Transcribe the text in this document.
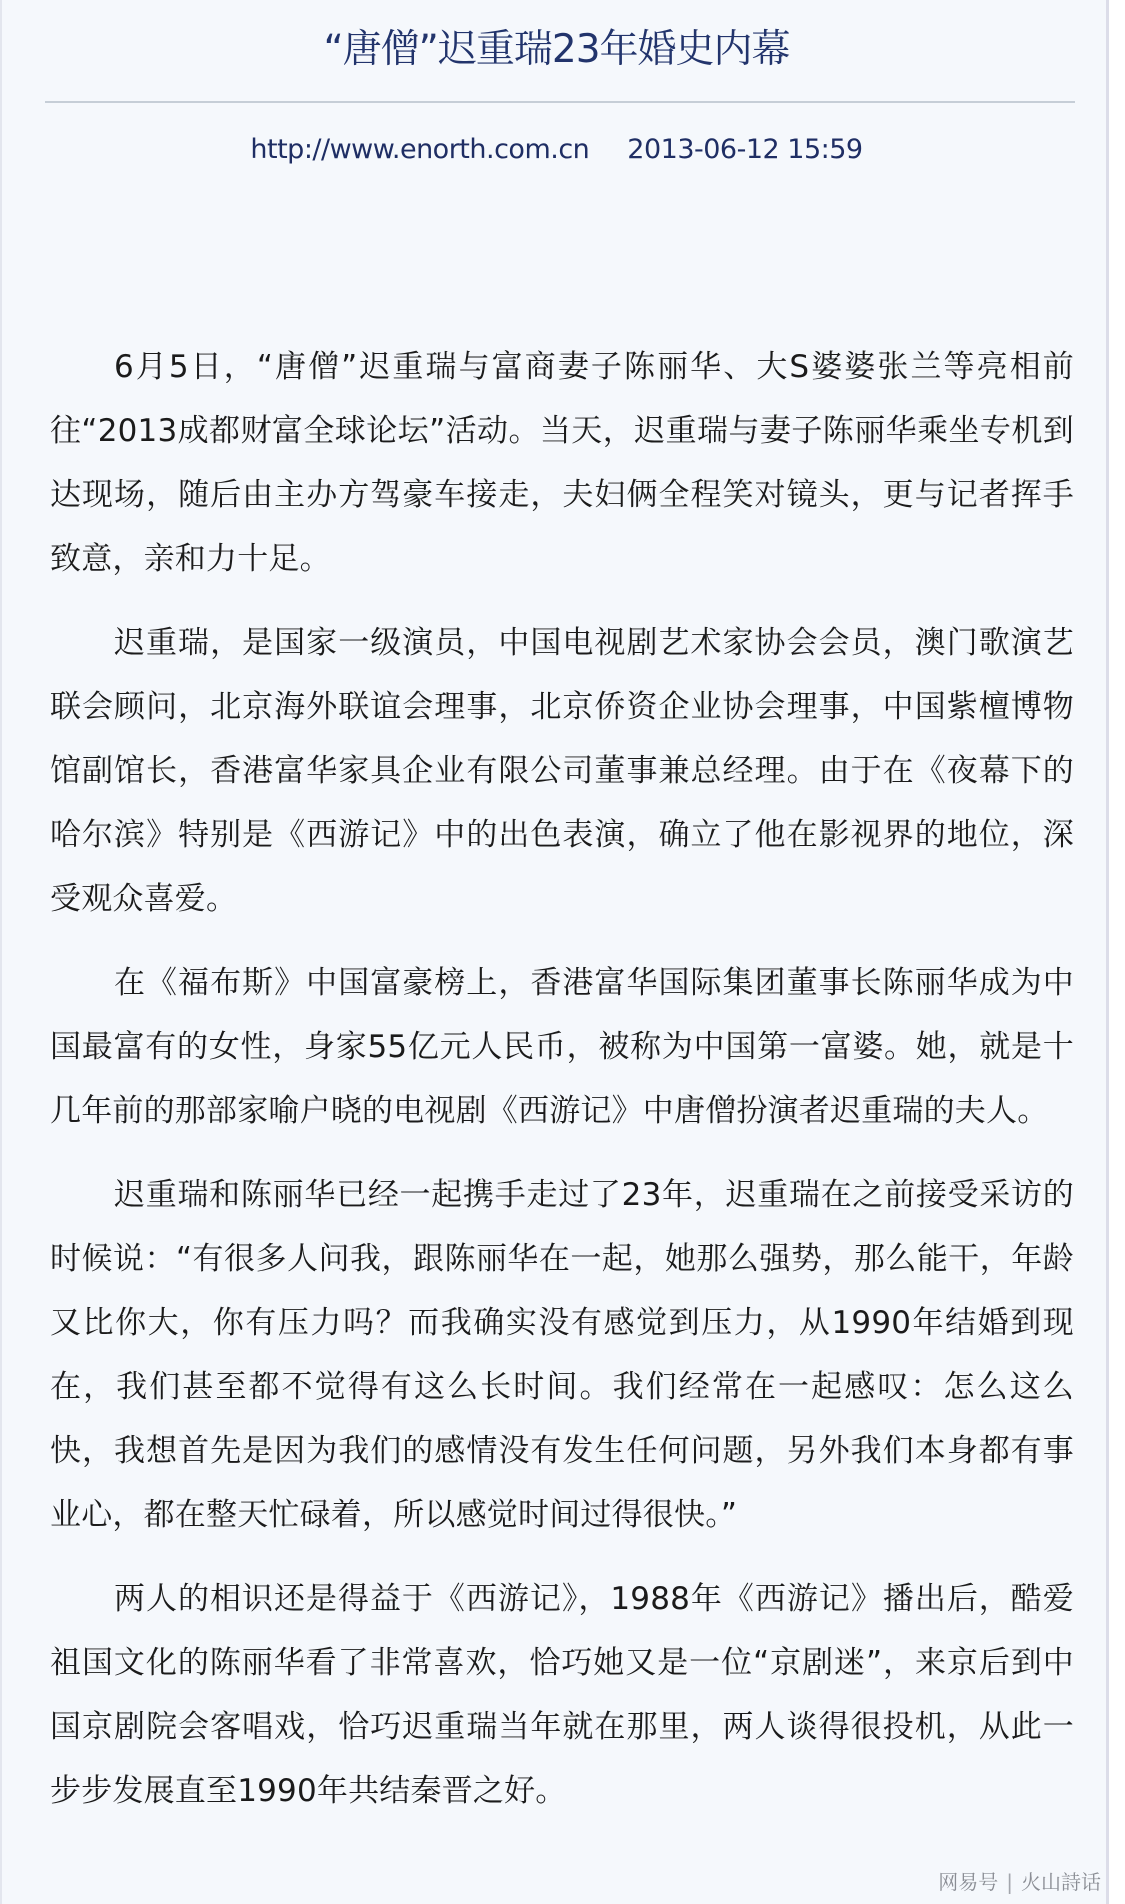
“唐僧”迟重瑞23年婚史内幕
http://www.enorth.com.cn 2013-06-12 15:59

6月5日，“唐僧”迟重瑞与富商妻子陈丽华、大S婆婆张兰等亮相前往“2013成都财富全球论坛”活动。当天，迟重瑞与妻子陈丽华乘坐专机到达现场，随后由主办方驾豪车接走，夫妇俩全程笑对镜头，更与记者挥手致意，亲和力十足。

迟重瑞，是国家一级演员，中国电视剧艺术家协会会员，澳门歌演艺联会顾问，北京海外联谊会理事，北京侨资企业协会理事，中国紫檀博物馆副馆长，香港富华家具企业有限公司董事兼总经理。由于在《夜幕下的哈尔滨》特别是《西游记》中的出色表演，确立了他在影视界的地位，深受观众喜爱。

在《福布斯》中国富豪榜上，香港富华国际集团董事长陈丽华成为中国最富有的女性，身家55亿元人民币，被称为中国第一富婆。她，就是十几年前的那部家喻户晓的电视剧《西游记》中唐僧扮演者迟重瑞的夫人。

迟重瑞和陈丽华已经一起携手走过了23年，迟重瑞在之前接受采访的时候说：“有很多人问我，跟陈丽华在一起，她那么强势，那么能干，年龄又比你大，你有压力吗？而我确实没有感觉到压力，从1990年结婚到现在，我们甚至都不觉得有这么长时间。我们经常在一起感叹：怎么这么快，我想首先是因为我们的感情没有发生任何问题，另外我们本身都有事业心，都在整天忙碌着，所以感觉时间过得很快。”

两人的相识还是得益于《西游记》，1988年《西游记》播出后，酷爱祖国文化的陈丽华看了非常喜欢，恰巧她又是一位“京剧迷”，来京后到中国京剧院会客唱戏，恰巧迟重瑞当年就在那里，两人谈得很投机，从此一步步发展直至1990年共结秦晋之好。

网易号 | 火山詩话
